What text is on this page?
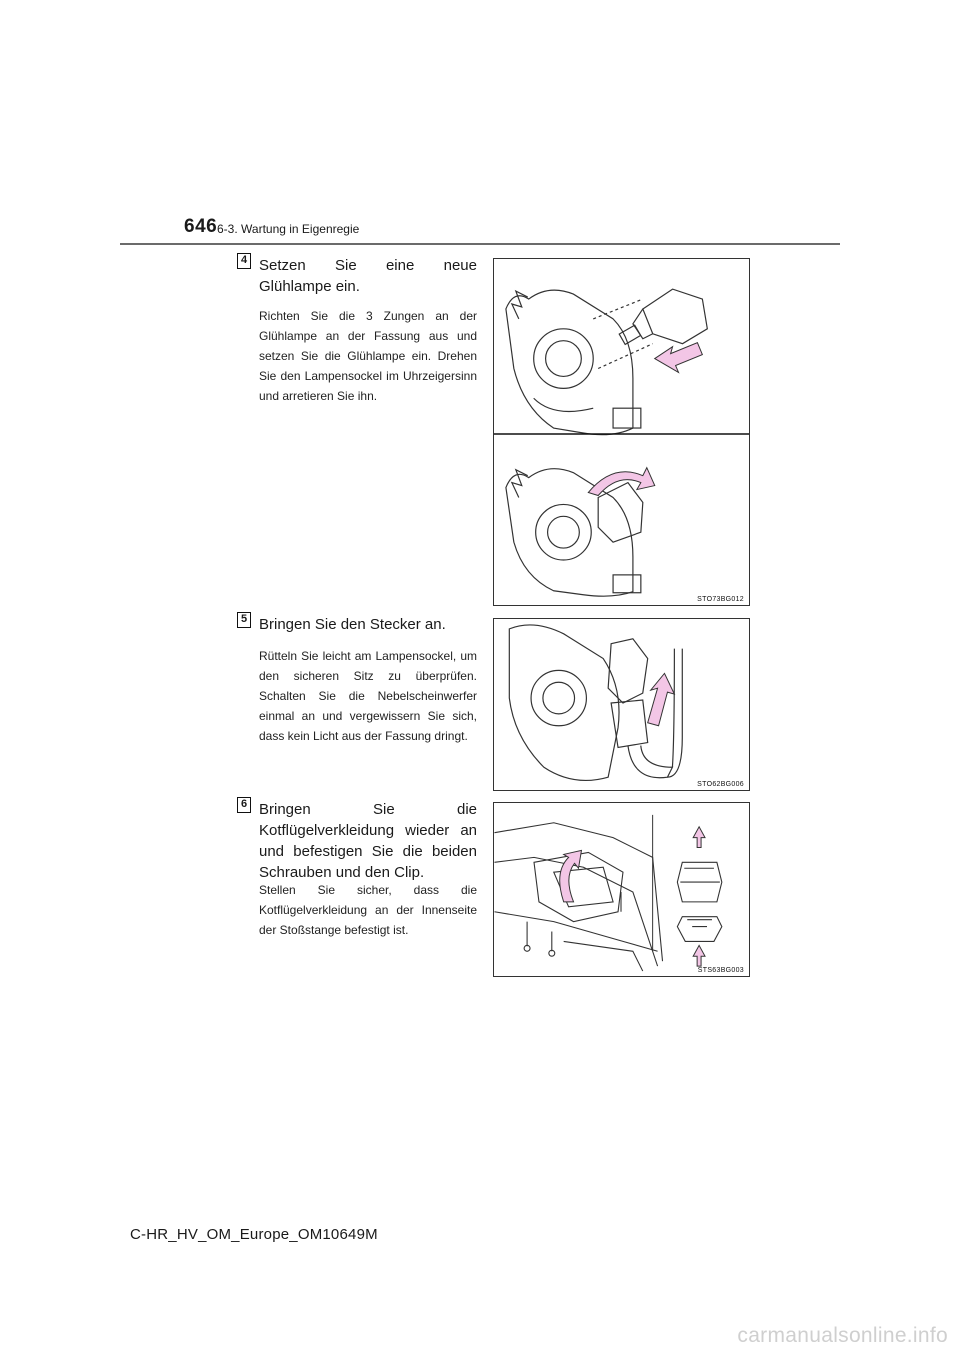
646 6-3. Wartung in Eigenregie
4 Setzen Sie eine neue Glühlampe ein.
Richten Sie die 3 Zungen an der Glühlampe an der Fassung aus und setzen Sie die Glühlampe ein. Drehen Sie den Lampensockel im Uhrzeigersinn und arretieren Sie ihn.
STO73BG012
5 Bringen Sie den Stecker an.
Rütteln Sie leicht am Lampensockel, um den sicheren Sitz zu überprüfen. Schalten Sie die Nebelscheinwerfer einmal an und vergewissern Sie sich, dass kein Licht aus der Fassung dringt.
STO62BG006
6 Bringen Sie die Kotflügelverkleidung wieder an und befestigen Sie die beiden Schrauben und den Clip.
Stellen Sie sicher, dass die Kotflügelverkleidung an der Innenseite der Stoßstange befestigt ist.
STS63BG003
C-HR_HV_OM_Europe_OM10649M
carmanualsonline.info
